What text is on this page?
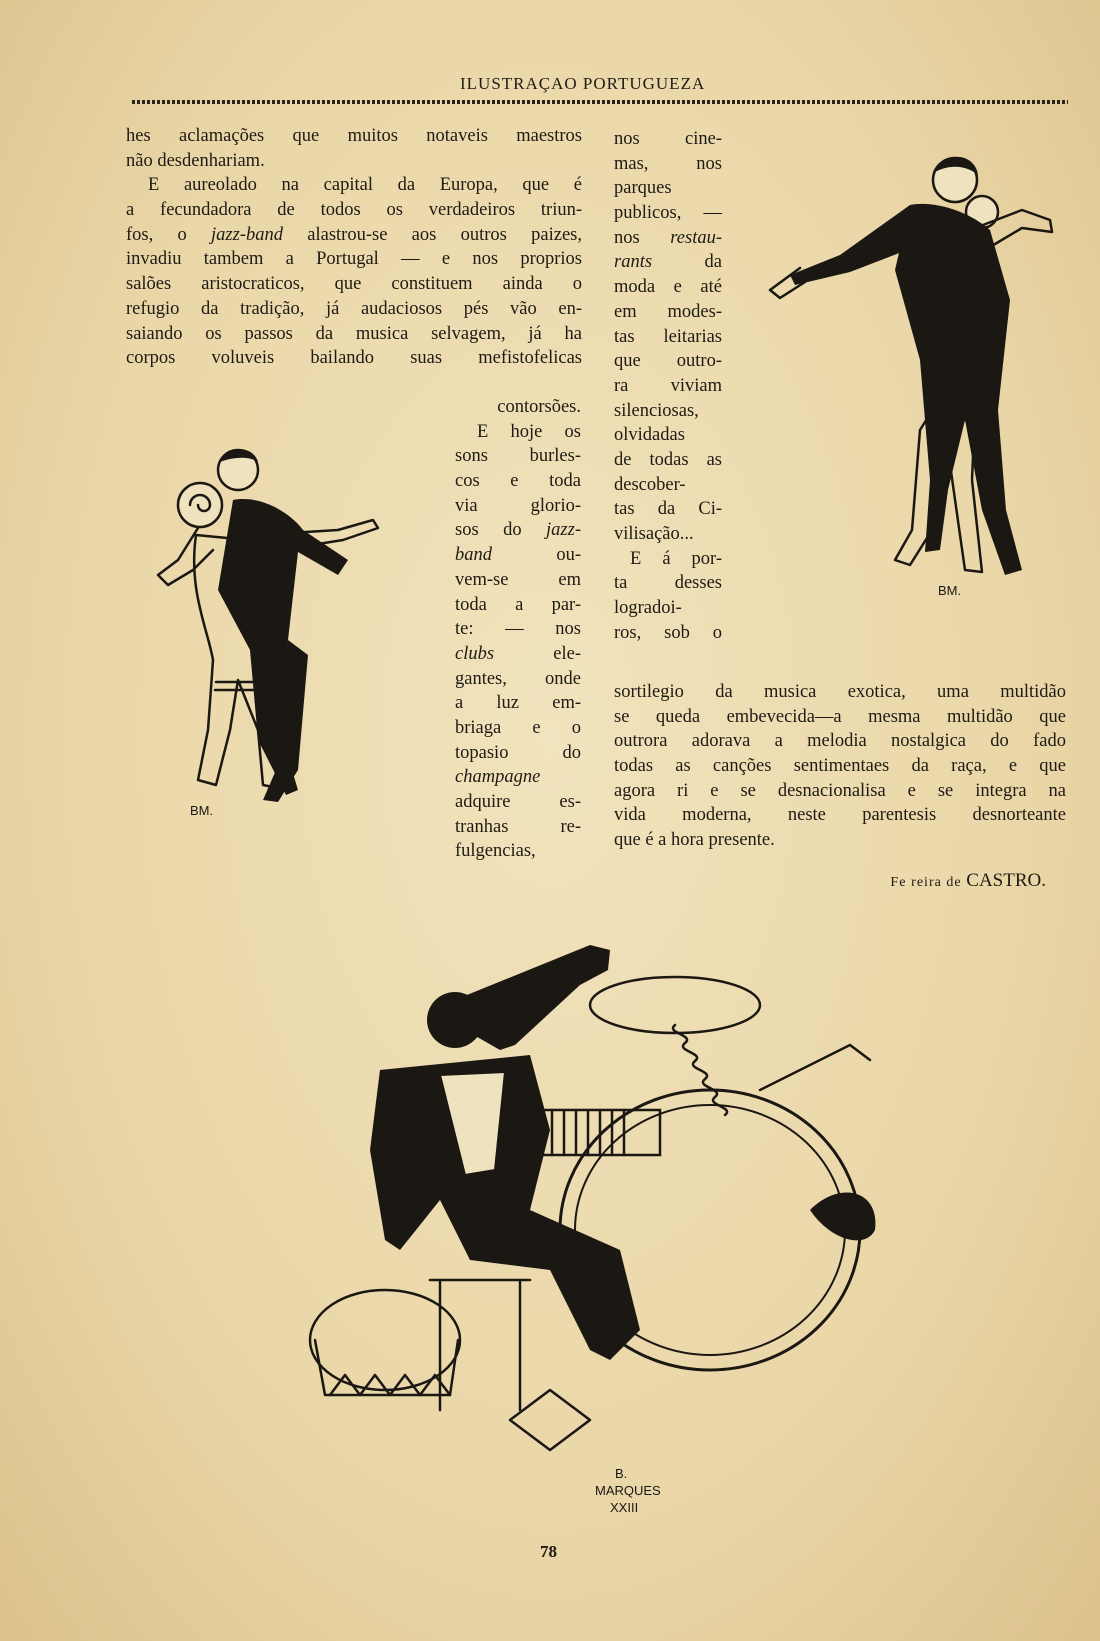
ILUSTRAÇAO PORTUGUEZA
hes aclamações que muitos notaveis maestros
não desdenhariam.
E aureolado na capital da Europa, que é
a fecundadora de todos os verdadeiros triun-
fos, o jazz-band alastrou-se aos outros paizes,
invadiu tambem a Portugal — e nos proprios
salões aristocraticos, que constituem ainda o
refugio da tradição, já audaciosos pés vão en-
saiando os passos da musica selvagem, já ha
corpos voluveis bailando suas mefistofelicas
contorsões.
E hoje os
sons burles-
cos e toda
via glorio-
sos do jazz-
band ou-
vem-se em
toda a par-
te: — nos
clubs ele-
gantes, onde
a luz em-
briaga e o
topasio do
champagne
adquire es-
tranhas re-
fulgencias,
nos cine-
mas, nos
parques
publicos, —
nos restau-
rants da
moda e até
em modes-
tas leitarias
que outro-
ra viviam
silenciosas,
olvidadas
de todas as
descober-
tas da Ci-
vilisação...
E á por-
ta desses
logradoi-
ros, sob o
sortilegio da musica exotica, uma multidão
se queda embevecida—a mesma multidão que
outrora adorava a melodia nostalgica do fado
todas as canções sentimentaes da raça, e que
agora ri e se desnacionalisa e se integra na
vida moderna, neste parentesis desnorteante
que é a hora presente.
Fe reira de CASTRO.
BM.
BM.
B.
MARQUES
XXIII
78
